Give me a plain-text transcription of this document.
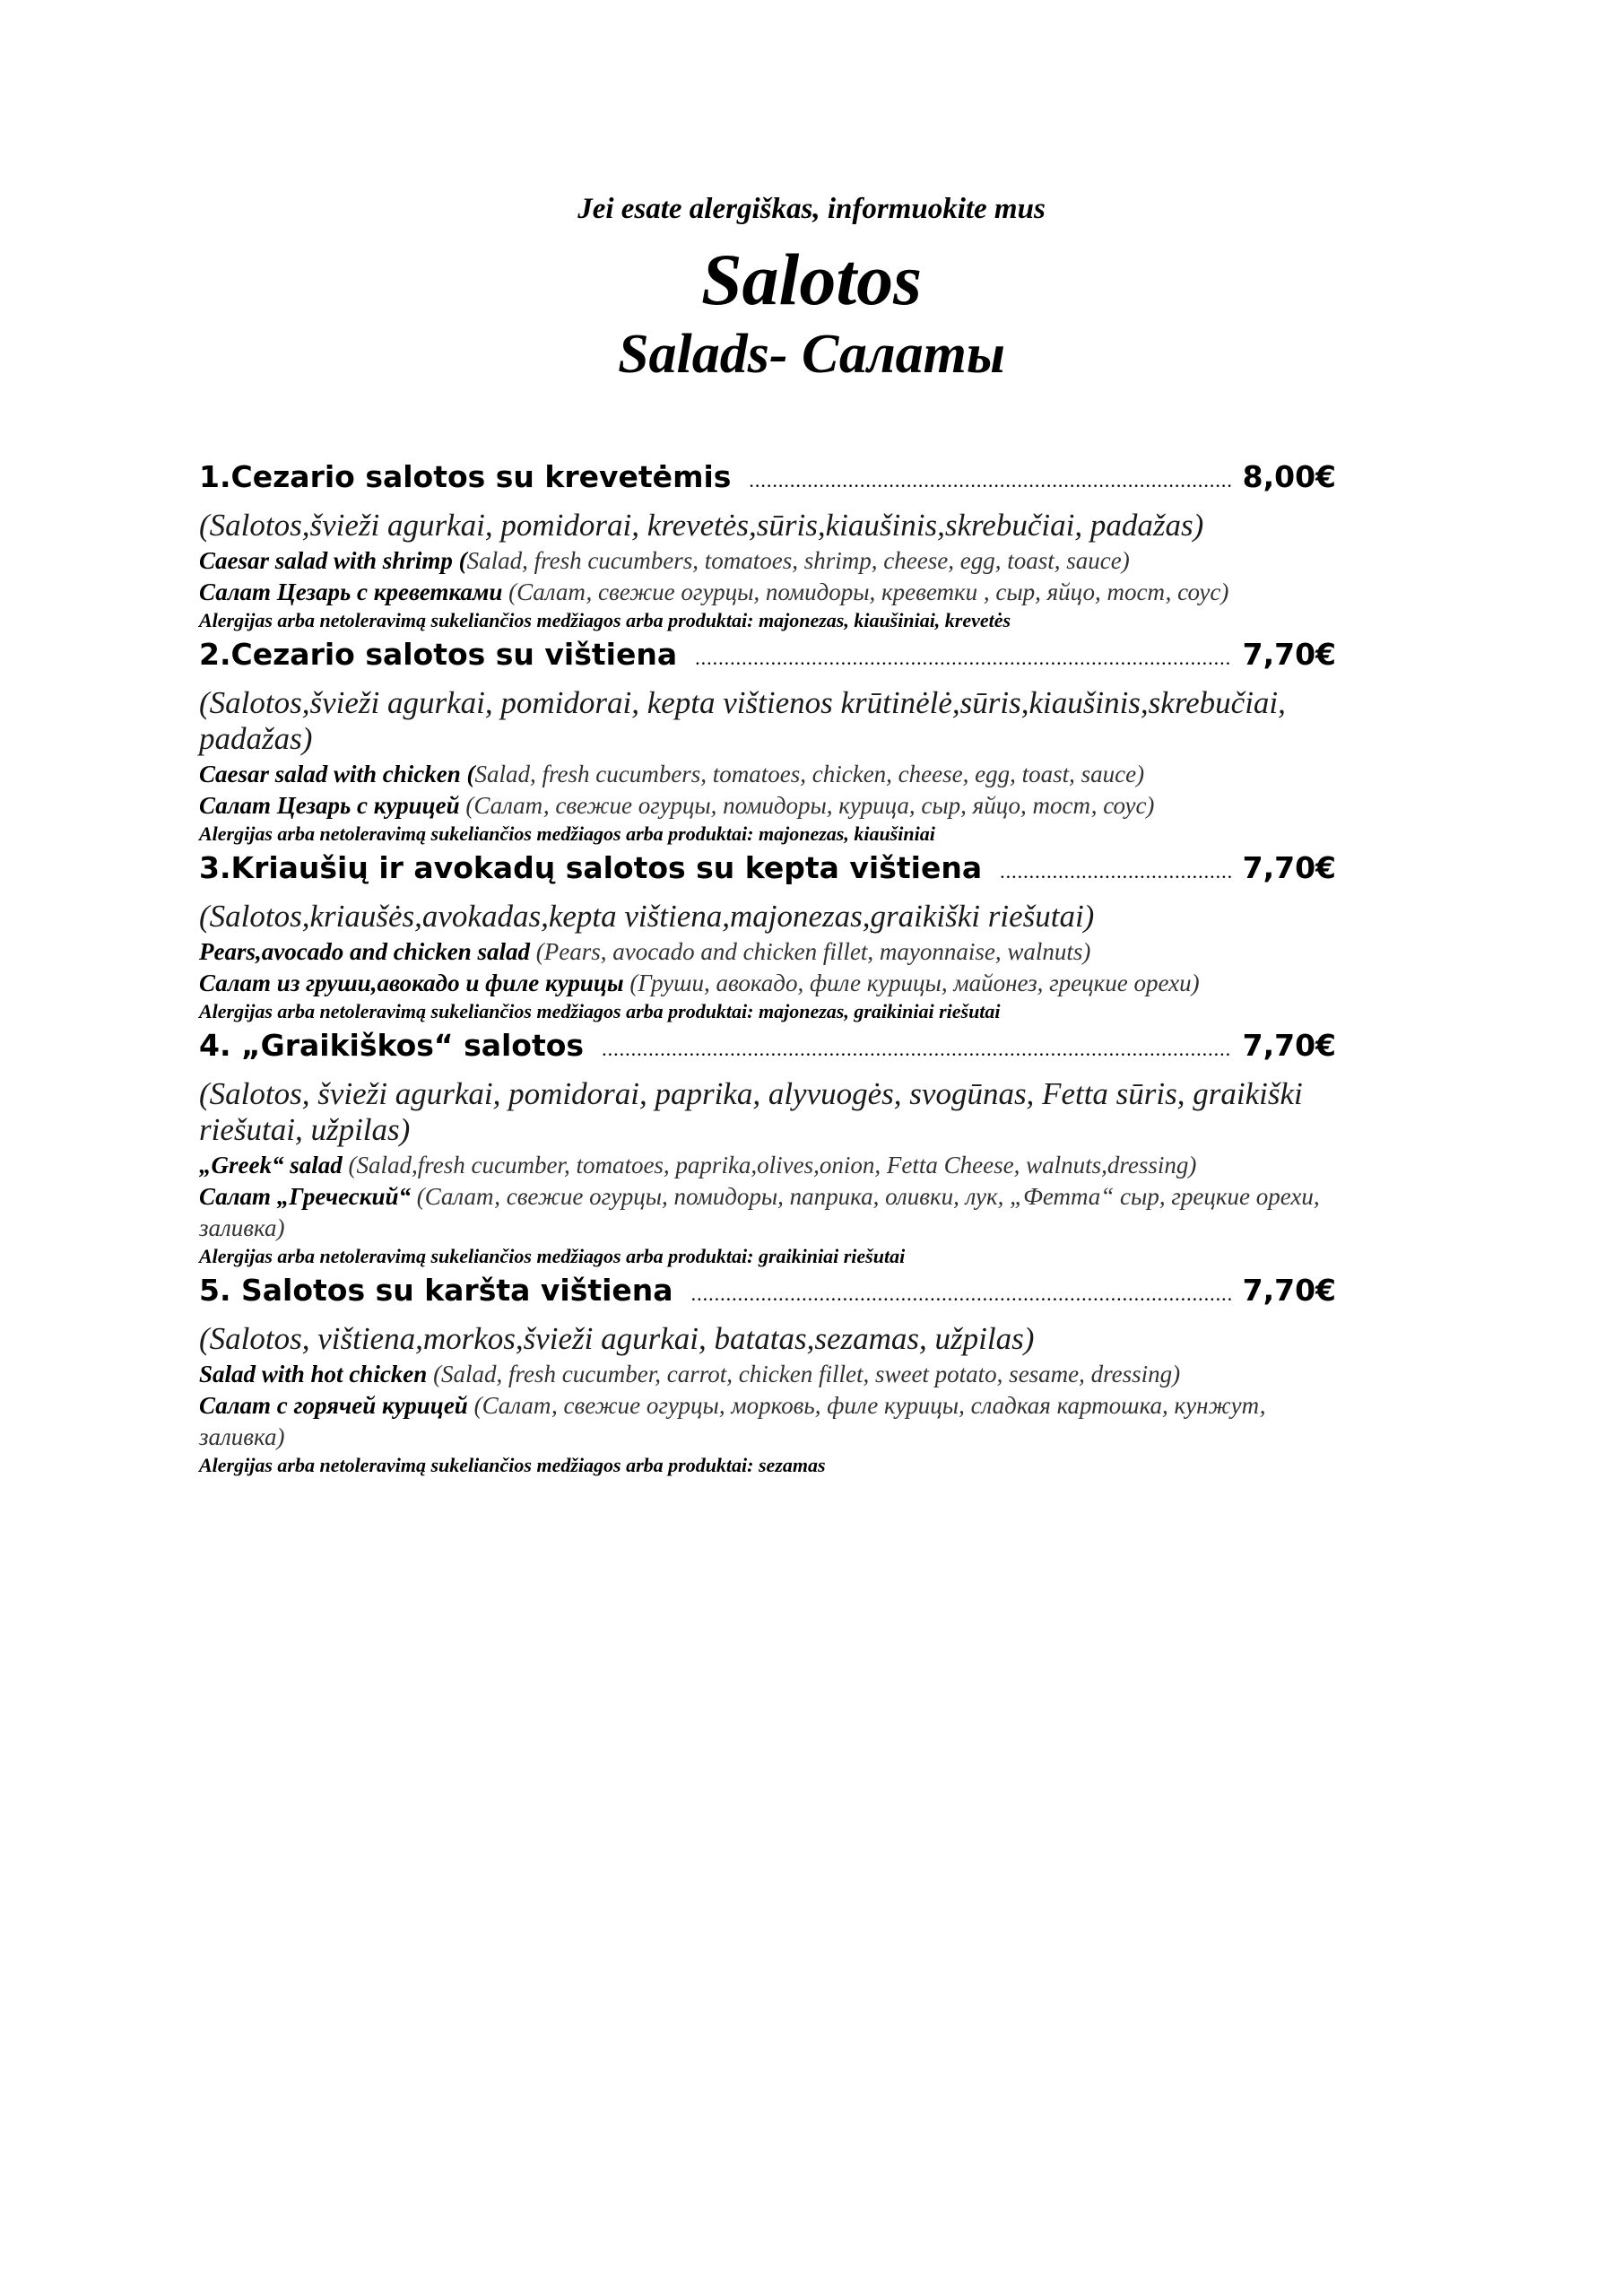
Jei esate alergiškas, informuokite mus
Salotos
Salads- Салаты
1.Cezario salotos su krevetėmis .....	8,00€
(Salotos,švieži agurkai, pomidorai, krevetės,sūris,kiaušinis,skrebučiai, padažas)
Caesar salad with shrimp (Salad, fresh cucumbers, tomatoes, shrimp, cheese, egg, toast, sauce)
Салат Цезарь с креветками (Салат, свежие огурцы, помидоры, креветки , сыр, яйцо, тост, соус)
Alergijas arba netoleravimą sukeliančios medžiagos arba produktai: majonezas, kiaušiniai, krevetės
2.Cezario salotos su vištiena .....	7,70€
(Salotos,švieži agurkai, pomidorai, kepta vištienos krūtinėlė,sūris,kiaušinis,skrebučiai, padažas)
Caesar salad with chicken (Salad, fresh cucumbers, tomatoes, chicken, cheese, egg, toast, sauce)
Салат Цезарь с курицей (Салат, свежие огурцы, помидоры, курица, сыр, яйцо, тост, соус)
Alergijas arba netoleravimą sukeliančios medžiagos arba produktai: majonezas, kiaušiniai
3.Kriaušių ir avokadų salotos su kepta vištiena .....	7,70€
(Salotos,kriaušės,avokadas,kepta vištiena,majonezas,graikiški riešutai)
Pears,avocado and chicken salad (Pears, avocado and chicken fillet, mayonnaise, walnuts)
Салат из груши,авокадо и филе курицы (Груши, авокадо, филе курицы, майонез, грецкие орехи)
Alergijas arba netoleravimą sukeliančios medžiagos arba produktai: majonezas, graikiniai riešutai
4. „Graikiškos“ salotos .....	7,70€
(Salotos, švieži agurkai, pomidorai, paprika, alyvuogės, svogūnas, Fetta sūris, graikiški riešutai, užpilas)
„Greek“ salad (Salad,fresh cucumber, tomatoes, paprika,olives,onion, Fetta Cheese, walnuts,dressing)
Салат „Греческий“ (Салат, свежие огурцы, помидоры, паприка, оливки, лук, „Фетта“ сыр, грецкие орехи, заливка)
Alergijas arba netoleravimą sukeliančios medžiagos arba produktai: graikiniai riešutai
5. Salotos su karšta vištiena .....	7,70€
(Salotos, vištiena,morkos,švieži agurkai, batatas,sezamas, užpilas)
Salad with hot chicken (Salad, fresh cucumber, carrot, chicken fillet, sweet potato, sesame, dressing)
Салат с горячей курицей (Салат, свежие огурцы, морковь, филе курицы, сладкая картошка, кунжут, заливка)
Alergijas arba netoleravimą sukeliančios medžiagos arba produktai: sezamas
